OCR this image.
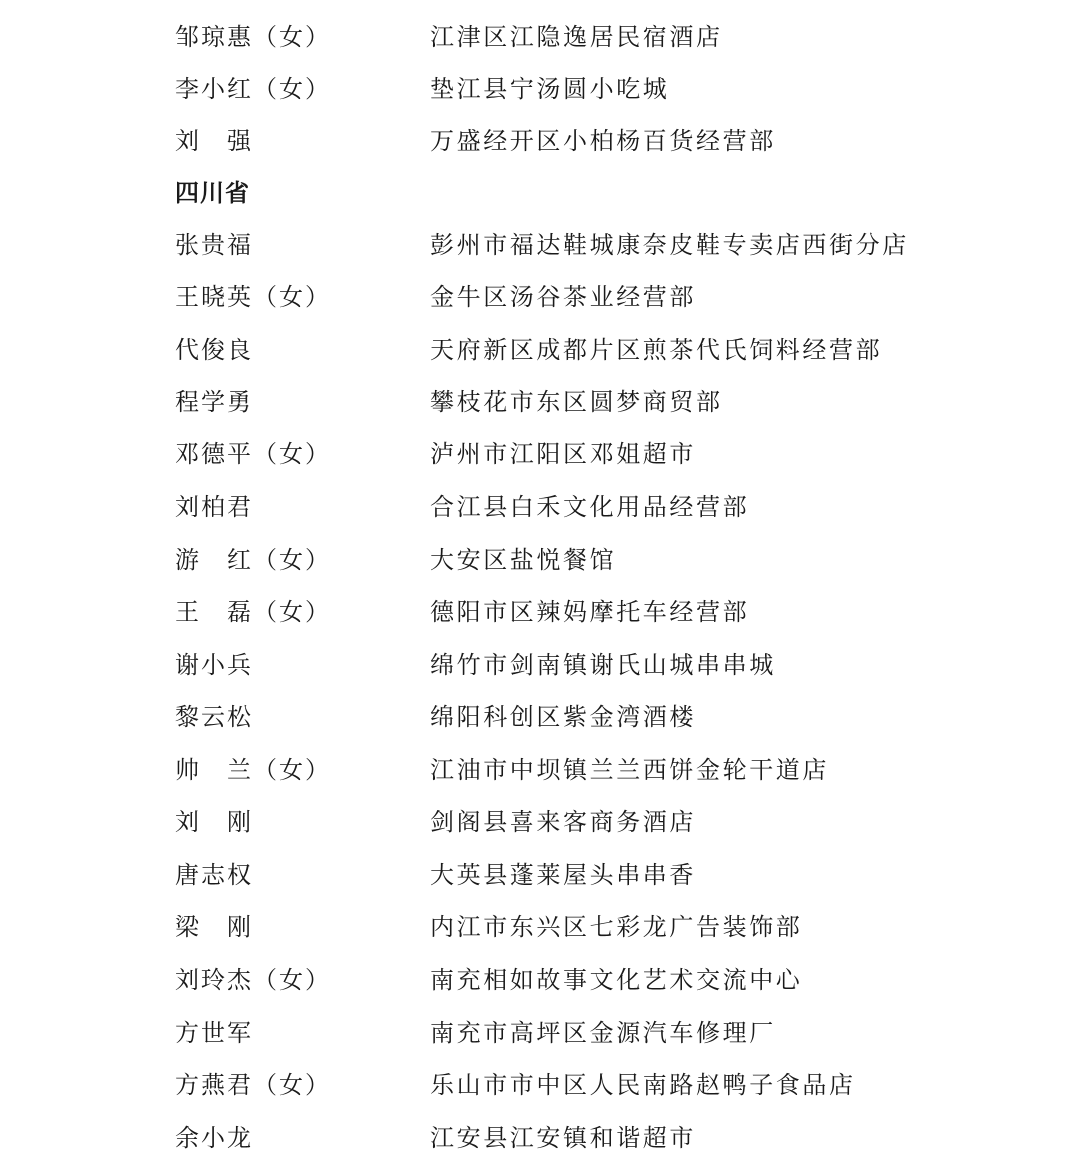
邹琼惠（女）	江津区江隐逸居民宿酒店
李小红（女）	垫江县宁汤圆小吃城
刘　强	万盛经开区小柏杨百货经营部
四川省
张贵福	彭州市福达鞋城康奈皮鞋专卖店西街分店
王晓英（女）	金牛区汤谷茶业经营部
代俊良	天府新区成都片区煎茶代氏饲料经营部
程学勇	攀枝花市东区圆梦商贸部
邓德平（女）	泸州市江阳区邓姐超市
刘柏君	合江县白禾文化用品经营部
游　红（女）	大安区盐悦餐馆
王　磊（女）	德阳市区辣妈摩托车经营部
谢小兵	绵竹市剑南镇谢氏山城串串城
黎云松	绵阳科创区紫金湾酒楼
帅　兰（女）	江油市中坝镇兰兰西饼金轮干道店
刘　刚	剑阁县喜来客商务酒店
唐志权	大英县蓬莱屋头串串香
梁　刚	内江市东兴区七彩龙广告装饰部
刘玲杰（女）	南充相如故事文化艺术交流中心
方世军	南充市高坪区金源汽车修理厂
方燕君（女）	乐山市市中区人民南路赵鸭子食品店
余小龙	江安县江安镇和谐超市
